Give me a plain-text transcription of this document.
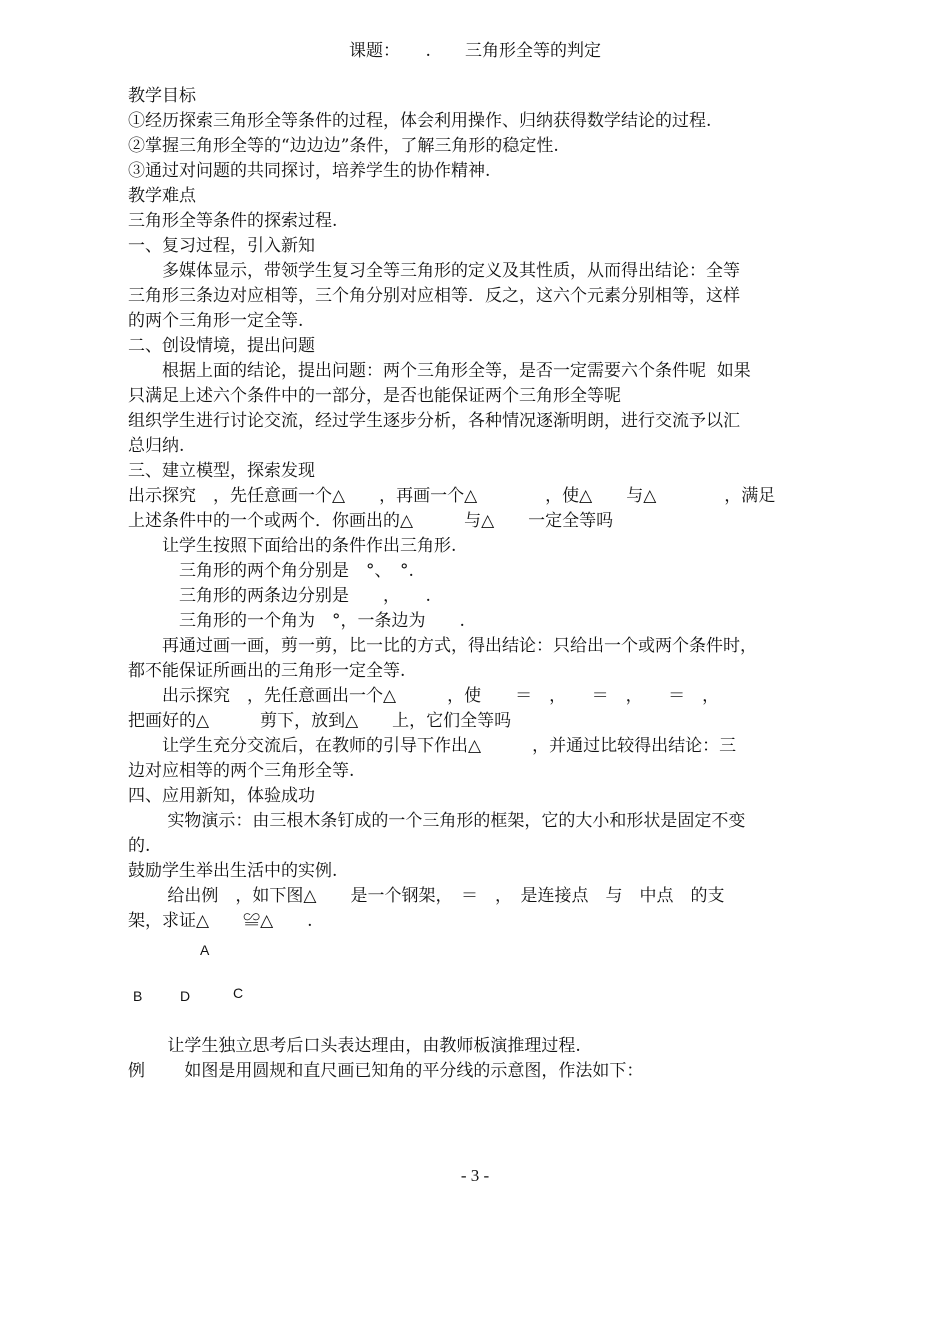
课题：　　.　　三角形全等的判定
教学目标
①经历探索三角形全等条件的过程，体会利用操作、归纳获得数学结论的过程.
②掌握三角形全等的“边边边”条件，了解三角形的稳定性.
③通过对问题的共同探讨，培养学生的协作精神.
教学难点
三角形全等条件的探索过程.
一、复习过程，引入新知
　　多媒体显示，带领学生复习全等三角形的定义及其性质，从而得出结论：全等
三角形三条边对应相等，三个角分别对应相等．反之，这六个元素分别相等，这样
的两个三角形一定全等.
二、创设情境，提出问题
　　根据上面的结论，提出问题：两个三角形全等，是否一定需要六个条件呢  如果
只满足上述六个条件中的一部分，是否也能保证两个三角形全等呢
组织学生进行讨论交流，经过学生逐步分析，各种情况逐渐明朗，进行交流予以汇
总归纳.
三、建立模型，探索发现
出示探究　，先任意画一个△　　，再画一个△　　　　，使△　　与△　　　　，满足
上述条件中的一个或两个．你画出的△　　　与△　　一定全等吗
　　让学生按照下面给出的条件作出三角形.
　　　三角形的两个角分别是　°、　°.
　　　三角形的两条边分别是　　，　　.
　　　三角形的一个角为　°，一条边为　　.
　　再通过画一画，剪一剪，比一比的方式，得出结论：只给出一个或两个条件时，
都不能保证所画出的三角形一定全等.
　　出示探究　，先任意画出一个△　　　，使　　＝　，　　＝　，　　＝　，
把画好的△　　　剪下，放到△　　上，它们全等吗
　　让学生充分交流后，在教师的引导下作出△　　　，并通过比较得出结论：三
边对应相等的两个三角形全等.
四、应用新知，体验成功
　　 实物演示：由三根木条钉成的一个三角形的框架，它的大小和形状是固定不变
的.
鼓励学生举出生活中的实例.
　　 给出例　，如下图△　　是一个钢架，　＝　，　是连接点　与　中点　的支
架，求证△　　≌△　　.
A
B	D	C
　　 让学生独立思考后口头表达理由，由教师板演推理过程.
例　　 如图是用圆规和直尺画已知角的平分线的示意图，作法如下：
- 3 -
